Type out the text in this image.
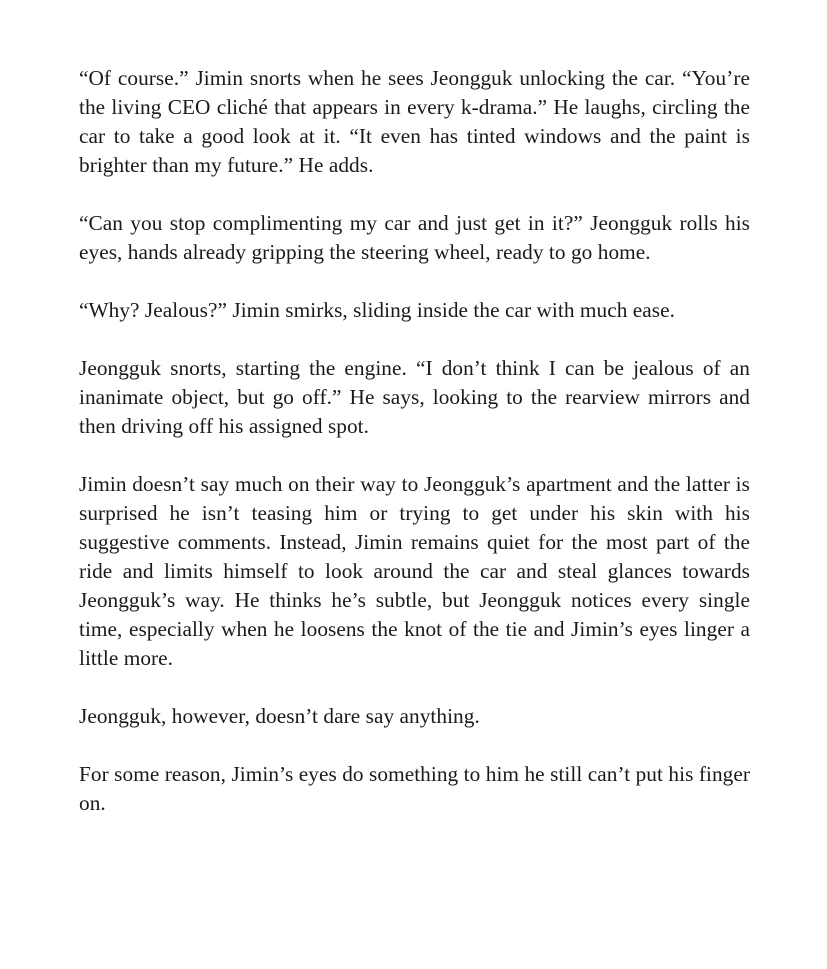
“Of course.” Jimin snorts when he sees Jeongguk unlocking the car. “You’re the living CEO cliché that appears in every k-drama.” He laughs, circling the car to take a good look at it. “It even has tinted windows and the paint is brighter than my future.” He adds.

“Can you stop complimenting my car and just get in it?” Jeongguk rolls his eyes, hands already gripping the steering wheel, ready to go home.

“Why? Jealous?” Jimin smirks, sliding inside the car with much ease.

Jeongguk snorts, starting the engine. “I don’t think I can be jealous of an inanimate object, but go off.” He says, looking to the rearview mirrors and then driving off his assigned spot.

Jimin doesn’t say much on their way to Jeongguk’s apartment and the latter is surprised he isn’t teasing him or trying to get under his skin with his suggestive comments. Instead, Jimin remains quiet for the most part of the ride and limits himself to look around the car and steal glances towards Jeongguk’s way. He thinks he’s subtle, but Jeongguk notices every single time, especially when he loosens the knot of the tie and Jimin’s eyes linger a little more.

Jeongguk, however, doesn’t dare say anything.

For some reason, Jimin’s eyes do something to him he still can’t put his finger on.
